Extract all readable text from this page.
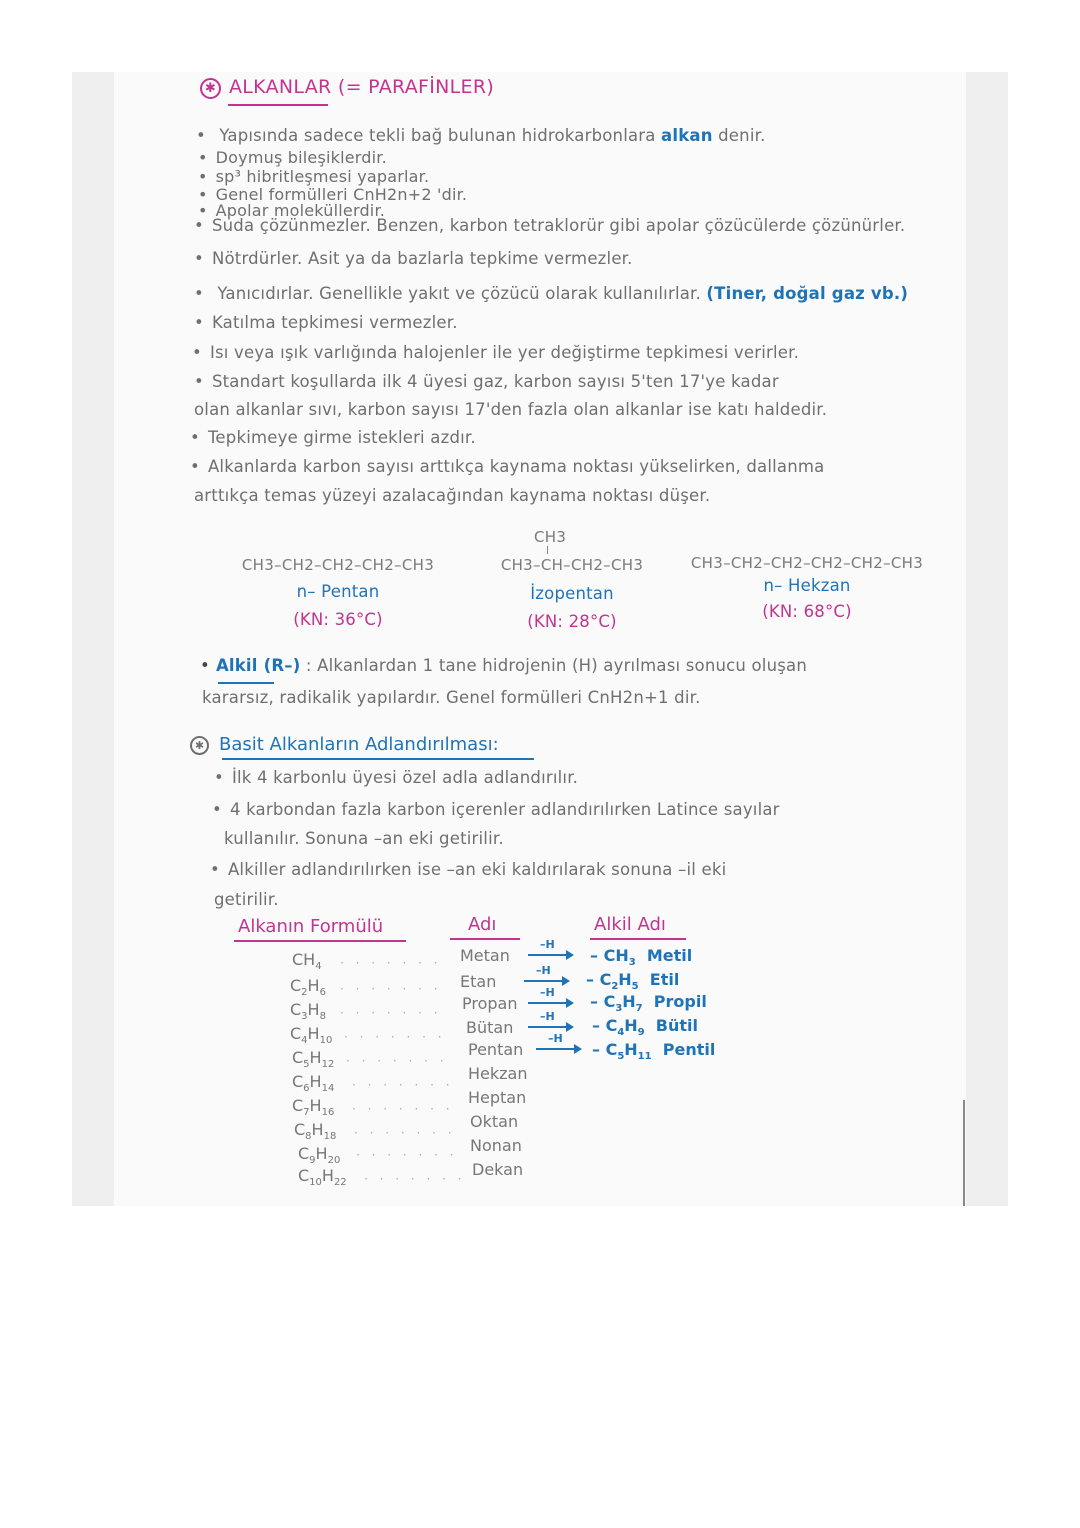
✱ ALKANLAR (= PARAFİNLER)
• Yapısında sadece tekli bağ bulunan hidrokarbonlara alkan denir.
• Doymuş bileşiklerdir.
• sp³ hibritleşmesi yaparlar.
• Genel formülleri CnH2n+2 'dir.
• Apolar moleküllerdir.
• Suda çözünmezler. Benzen, karbon tetraklorür gibi apolar çözücülerde çözünürler.
• Nötrdürler. Asit ya da bazlarla tepkime vermezler.
• Yanıcıdırlar. Genellikle yakıt ve çözücü olarak kullanılırlar. (Tiner, doğal gaz vb.)
• Katılma tepkimesi vermezler.
• Isı veya ışık varlığında halojenler ile yer değiştirme tepkimesi verirler.
• Standart koşullarda ilk 4 üyesi gaz, karbon sayısı 5'ten 17'ye kadar
olan alkanlar sıvı, karbon sayısı 17'den fazla olan alkanlar ise katı haldedir.
• Tepkimeye girme istekleri azdır.
• Alkanlarda karbon sayısı arttıkça kaynama noktası yükselirken, dallanma
arttıkça temas yüzeyi azalacağından kaynama noktası düşer.
CH3–CH2–CH2–CH2–CH3
n– Pentan
(KN: 36°C)
CH3
CH3–CH–CH2–CH3
İzopentan
(KN: 28°C)
CH3–CH2–CH2–CH2–CH2–CH3
n– Hekzan
(KN: 68°C)
• Alkil (R–) : Alkanlardan 1 tane hidrojenin (H) ayrılması sonucu oluşan
kararsız, radikalik yapılardır. Genel formülleri CnH2n+1 dir.
✱ Basit Alkanların Adlandırılması:
• İlk 4 karbonlu üyesi özel adla adlandırılır.
• 4 karbondan fazla karbon içerenler adlandırılırken Latince sayılar
kullanılır. Sonuna –an eki getirilir.
• Alkiller adlandırılırken ise –an eki kaldırılarak sonuna –il eki
getirilir.
Alkanın Formülü	Adı	Alkil Adı
$CH_4$ · · · · · · · Metan
–H
– $CH_3$ Metil
$C_2H_6$ · · · · · · · Etan
$-H - C_2H_5$ Etil
$C_3H_8$ · · · · · · · Propan
$-H - C_3H_7$ Propil
$C_4H_{10}$ · · · · · · · Bütan
$-H - C_4H_9$ Bütil
$C_5H_{12}$ · · · · · · ·
Pentan
–H
– $C_5H_{11}$ Pentil
$C_6H_{14}$ · · · · · · ·
Hekzan
$C_7H_{16}$ · · · · · · ·
Heptan
$C_8H_{18}$ · · · · · · ·
Oktan
$C_9H_{20}$ · · · · · · · Nonan
$C_{10}H_{22}$ · · · · · · · Dekan
